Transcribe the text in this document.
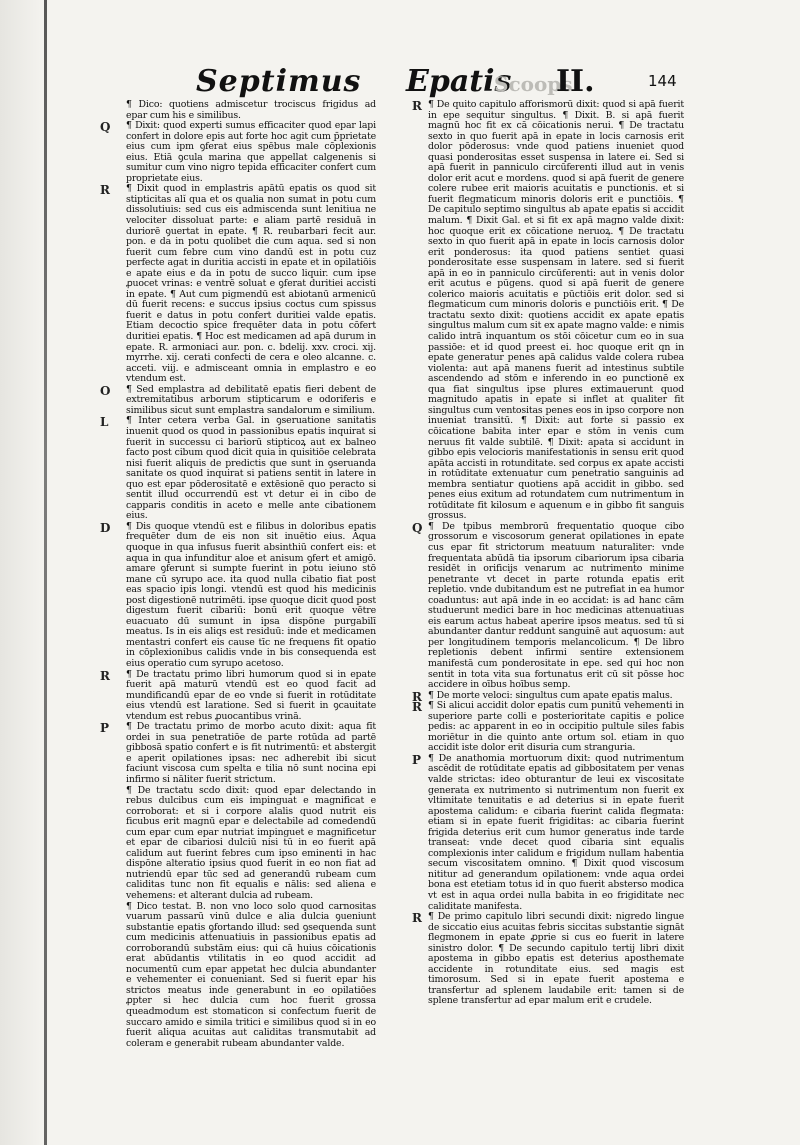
Septimus Epatis
Scoops
II.	144

¶ Dico: quotiens admiscetur trociscus frigidus ad epar cum his e similibus.

¶ Dixit: quod experti sumus efficaciter quod epar lapi confert in dolore epis aut forte hoc agit cum p̄prietate eius cum ipm ꝯferat eius spēbus male cōplexionis eius. Etiā ꝯcula marina que appellat calgenenis si sumitur cum vino nigro tepida efficaciter confert cum proprietate eius.

¶ Dixit quod in emplastris apātū epatis os quod sit stipticitas alĭ qua et os qualia non sumat in potu cum dissolutiuis: sed cus eis admiscenda sunt lenitiua ne velociter dissoluat parte: e aliam partē residuā in duriorē ꝯuertat in epate. ¶ R. reubarbari fecit aur. pon. e da in potu quolibet die cum aqua. sed si non fuerit cum febre cum vino dandū est in potu cuz perfecte agat in duritia accisti in epate et in opilatiōis e apate eius e da in potu de succo liquir. cum ipse ꝓuocet vrinas: e ventrē soluat e ꝯferat duritiei accisti in epate. ¶ Aut cum pigmendū est abiotanū armenicū dū fuerit recens: e succus ipsius coctus cum spissus fuerit e datus in potu confert duritiei valde epatis. Etiam decoctio spice frequēter data in potu cōfert duritiei epatis. ¶ Hoc est medicamen ad apā durum in epate. R. armoniaci aur. pon. c. bdelij. xxv. croci. xij. myrrhe. xij. cerati confecti de cera e oleo alcanne. c. acceti. viij. e admisceant omnia in emplastro e eo vtendum est.

¶ Sed emplastra ad debilitatē epatis fieri debent de extremitatibus arborum stipticarum e odoriferis e similibus sicut sunt emplastra sandalorum e similium.

¶ Inter cetera verba Gal. in ꝯseruatione sanitatis inuenit quod os quod in passionibus epatis inquirat si fuerit in successu ci bariorū stipticoꝝ aut ex balneo facto post cibum quod dicit quia in quisitiōe celebrata nisi fuerit aliquis de predictis que sunt in ꝯseruanda sanitate os quod inquirat si patiens sentit in latere in quo est epar pōderositatē e extēsionē quo peracto si sentit illud occurrendū est vt detur ei in cibo de capparis conditis in aceto e melle ante cibationem eius.

¶ Dis quoque vtendū est e filibus in doloribus epatis frequēter dum de eis non sit inuētio eius. Aqua quoque in qua infusus fuerit absinthiū confert eis: et aqua in qua infunditur aloe et anisum ꝯfert et amigō. amare ꝯferunt si sumpte fuerint in potu ieiuno stō mane cū syrupo ace. ita quod nulla cibatio fiat post eas spacio ipis longi. vtendū est quod his medicinis post digestionē nutrimēti. ipse quoque dicit quod post digestum fuerit cibariū: bonū erit quoque vētre euacuato dū sumunt in ipsa dispōne purgabilī meatus. Is in eis aliqs est residuū: inde et medicamen mentastri confert eis cause tīc ne frequens fit opatio in cōplexionibus calidis vnde in bis consequenda est eius operatio cum syrupo acetoso.

¶ De tractatu primo libri humorum quod si in epate fuerit apā maturū vtendū est eo quod facit ad mundificandū epar de eo vnde si fuerit in rotūditate eius vtendū est laratione. Sed si fuerit in ꝯcauitate vtendum est rebus ꝓuocantibus vrinā.

¶ De tractatu primo de morbo acuto dixit: aqua fīt ordei in sua penetratiōe de parte rotūda ad partē gibbosā spatio confert e is fit nutrimentū: et abstergit e aperit opilationes ipsas: nec adherebit ibi sicut faciunt viscosa cum spelta e tilia nō sunt nocina epi infirmo si nāliter fuerit strictum.

¶ De tractatu scdo dixit: quod epar delectando in rebus dulcibus cum eis impinguat e magnificat e corroborat: et si i corpore alalis quod nutrit eis ficubus erit magnū epar e delectabile ad comedendū cum epar cum epar nutriat impinguet e magnificetur et epar de cibariosi dulciū nisi tū in eo fuerit apā calidum aut fuerint febres cum ipso eminenti in hac dispōne alteratio ipsius quod fuerit in eo non fiat ad nutriendū epar tūc sed ad generandū rubeam cum caliditas tunc non fit equalis e nālis: sed aliena e vehemens: et alterant dulcia ad rubeam.

¶ Dico testat. B. non vno loco solo quod carnositas vuarum passarū vinū dulce e alia dulcia ꝯueniunt substantie epatis ꝯfortando illud: sed ꝯsequenda sunt cum medicinis attenuatiuis in passionibus epatis ad corroborandū substām eius: qui cā huius cōicationis erat abūdantis vtilitatis in eo quod accidit ad nocumentū cum epar appetat hec dulcia abundanter e vehementer ei conueniant. Sed si fuerit epar his strictos meatus inde generabunt in eo opilatiōes ꝓpter si hec dulcia cum hoc fuerit grossa queadmodum est stomaticon si confectum fuerit de succaro amido e simila tritici e similibus quod si in eo fuerit aliqua acuitas aut caliditas transmutabit ad coleram e generabit rubeam abundanter valde.

¶ De quito capitulo afforismorū dixit: quod si apā fuerit in epe sequitur singultus. ¶ Dixit. B. si apā fuerit magnū hoc fit ex cā cōicationis nerui. ¶ De tractatu sexto in quo fuerit apā in epate in locis carnosis erit dolor pōderosus: vnde quod patiens inueniet quod quasi ponderositas esset suspensa in latere ei. Sed si apā fuerit in panniculo circūferenti illud aut in venis dolor erit acut e mordens. quod si apā fuerit de genere colere rubee erit maioris acuitatis e punctionis. et si fuerit flegmaticum minoris doloris erit e punctiōis. ¶ De capitulo septimo singultus ab apate epatis si accidit malum. ¶ Dixit Gal. et si fit ex apā magno valde dixit: hoc quoque erit ex cōicatione neruoꝝ. ¶ De tractatu sexto in quo fuerit apā in epate in locis carnosis dolor erit ponderosus: ita quod patiens sentiet quasi ponderositate esse suspensam in latere. sed si fuerit apā in eo in panniculo circūferenti: aut in venis dolor erit acutus e pūgens. quod si apā fuerit de genere colerico maioris acuitatis e pūctiōis erit dolor. sed si flegmaticum cum minoris doloris e punctiōis erit. ¶ De tractatu sexto dixit: quotiens accidit ex apate epatis singultus malum cum sit ex apate magno valde: e nimis calido intrā inquantum os stōi cōicetur cum eo in sua passiōe: et id quod preest ei. hoc quoque erit qn in epate generatur penes apā calidus valde colera rubea violenta: aut apā manens fuerit ad intestinus subtile ascendendo ad stōm e inferendo in eo punctionē ex qua fiat singultus ipse plures extimauerunt quod magnitudo apatis in epate si inflet at qualiter fit singultus cum ventositas penes eos in ipso corpore non inueniat transitū. ¶ Dixit: aut forte si passio ex cōicatione babita inter epar e stōm in venis cum neruus fit valde subtilē. ¶ Dixit: apata si accidunt in gibbo epis velocioris manifestationis in sensu erit quod apāta accisti in rotunditate. sed corpus ex apate accisti in rotūditate extenuatur cum penetratio sanguinis ad membra sentiatur quotiens apā accidit in gibbo. sed penes eius exitum ad rotundatem cum nutrimentum in rotūditate fit kilosum e aquenum e in gibbo fit sanguis grossus.

¶ De tpibus membrorū frequentatio quoque cibo grossorum e viscosorum generat opilationes in epate cus epar fit strictorum meatuum naturaliter: vnde frequentata abūdā tia ipsorum cibariorum ipsa cibaria residēt in orificijs venarum ac nutrimento minime penetrante vt decet in parte rotunda epatis erit repletio. vnde dubitandum est ne putrefiat in ea humor coaduntus: aut apā inde in eo accidat: is ad hanc cām studuerunt medici bare in hoc medicinas attenuatiuas eis earum actus habeat aperire ipsos meatus. sed tū si abundanter dantur reddunt sanguinē aut aquosum: aut per longitudinem temporis melancolicum. ¶ De libro repletionis debent infirmi sentire extensionem manifestā cum ponderositate in epe. sed qui hoc non sentit in tota vita sua fortunatus erit cū sit pōsse hoc accidere in oībus hoībus semp.

¶ De morte veloci: singultus cum apate epatis malus.

¶ Si alicui accidit dolor epatis cum punitū vehementi in superiore parte colli e posterioritate capitis e police pedis: ac apparent in eo in occipitio pultule siles fabis moriētur in die quinto ante ortum sol. etiam in quo accidit iste dolor erit disuria cum stranguria.

¶ De anathomia mortuorum dixit: quod nutrimentum ascēdit de rotūditate epatis ad gibbositatem per venas valde strictas: ideo obturantur de leui ex viscositate generata ex nutrimento si nutrimentum non fuerit ex vltimitate tenuitatis e ad deterius si in epate fuerit apostema calidum: e cibaria fuerint calida flegmata: etiam si in epate fuerit frigiditas: ac cibaria fuerint frigida deterius erit cum humor generatus inde tarde transeat: vnde decet quod cibaria sint equalis complexionis inter calidum e frigidum nullam habentia secum viscositatem omnino. ¶ Dixit quod viscosum nititur ad generandum opilationem: vnde aqua ordei bona est etetiam totus id in quo fuerit absterso modica vt est in aqua ordei nulla babita in eo frigiditate nec caliditate manifesta.

¶ De primo capitulo libri secundi dixit: nigredo lingue de siccatio eius acuitas febris siccitas substantie signāt flegmonem in epate ꝓprie si cus eo fuerit in latere sinistro dolor. ¶ De secundo capitulo tertij libri dixit apostema in gibbo epatis est deterius aposthemate accidente in rotunditate eius. sed magis est timorosum. Sed si in epate fuerit apostema e transfertur ad splenem laudabile erit: tamen si de splene transfertur ad epar malum erit e crudele.

Q
R
O
L
D
R
P
R
Q
R
R
P
R
